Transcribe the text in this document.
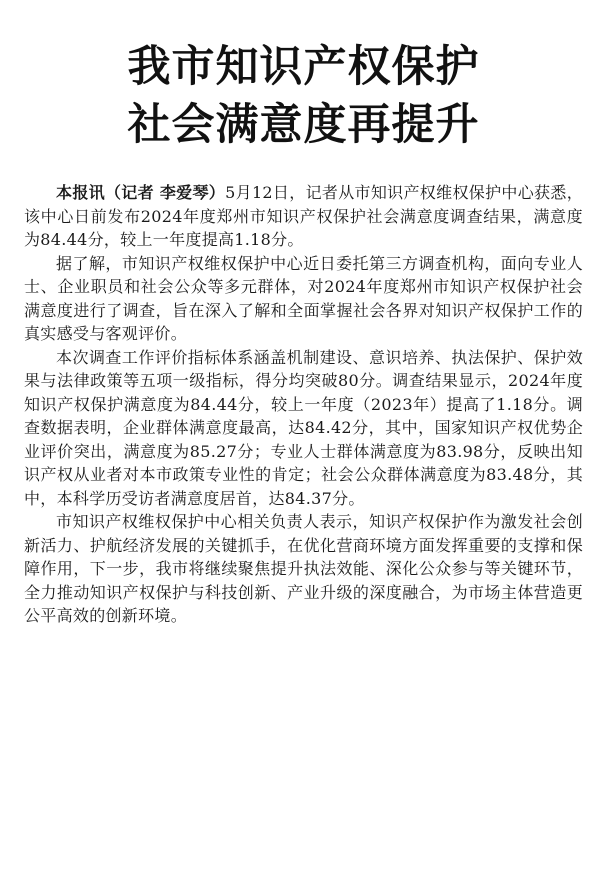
我市知识产权保护
社会满意度再提升

本报讯（记者 李爱琴）5月12日，记者从市知识产权维权保护中心获悉，该中心日前发布2024年度郑州市知识产权保护社会满意度调查结果，满意度为84.44分，较上一年度提高1.18分。

据了解，市知识产权维权保护中心近日委托第三方调查机构，面向专业人士、企业职员和社会公众等多元群体，对2024年度郑州市知识产权保护社会满意度进行了调查，旨在深入了解和全面掌握社会各界对知识产权保护工作的真实感受与客观评价。

本次调查工作评价指标体系涵盖机制建设、意识培养、执法保护、保护效果与法律政策等五项一级指标，得分均突破80分。调查结果显示，2024年度知识产权保护满意度为84.44分，较上一年度（2023年）提高了1.18分。调查数据表明，企业群体满意度最高，达84.42分，其中，国家知识产权优势企业评价突出，满意度为85.27分；专业人士群体满意度为83.98分，反映出知识产权从业者对本市政策专业性的肯定；社会公众群体满意度为83.48分，其中，本科学历受访者满意度居首，达84.37分。

市知识产权维权保护中心相关负责人表示，知识产权保护作为激发社会创新活力、护航经济发展的关键抓手，在优化营商环境方面发挥重要的支撑和保障作用，下一步，我市将继续聚焦提升执法效能、深化公众参与等关键环节，全力推动知识产权保护与科技创新、产业升级的深度融合，为市场主体营造更公平高效的创新环境。
